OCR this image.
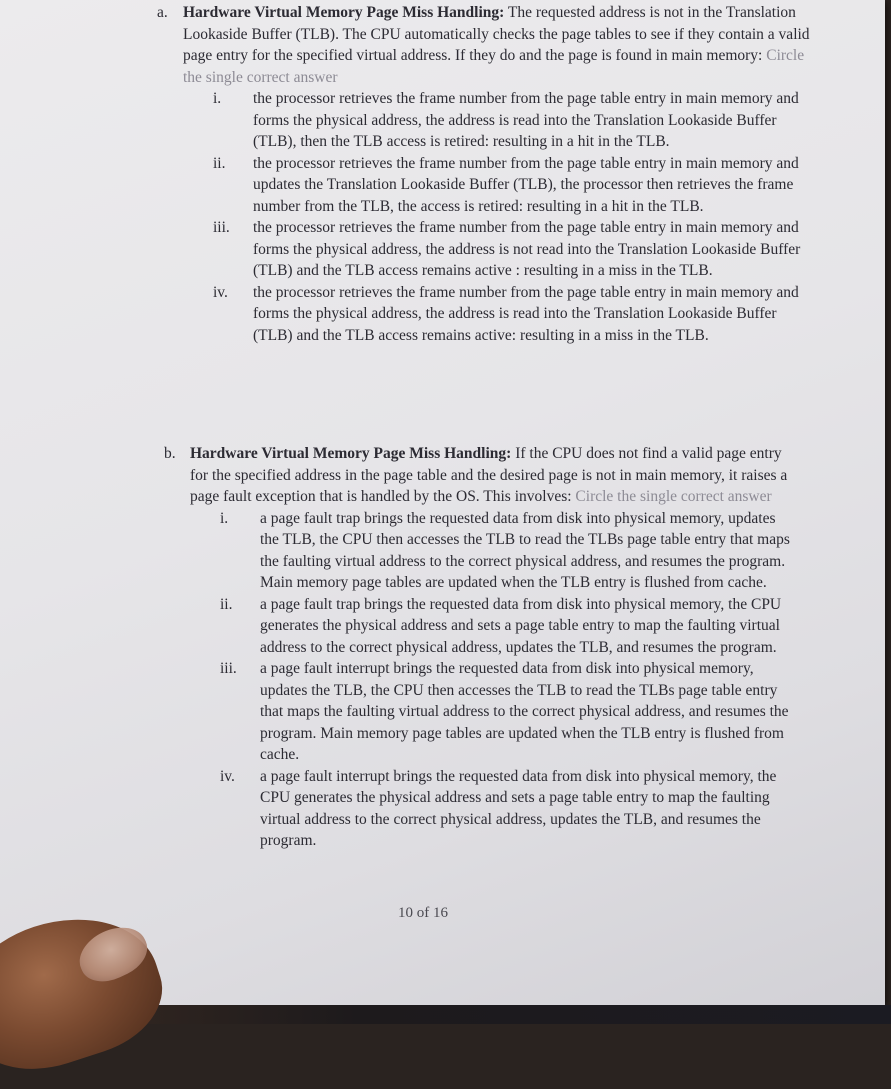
a. Hardware Virtual Memory Page Miss Handling: The requested address is not in the Translation Lookaside Buffer (TLB). The CPU automatically checks the page tables to see if they contain a valid page entry for the specified virtual address. If they do and the page is found in main memory: Circle the single correct answer
i.	the processor retrieves the frame number from the page table entry in main memory and forms the physical address, the address is read into the Translation Lookaside Buffer (TLB), then the TLB access is retired: resulting in a hit in the TLB.
ii.	the processor retrieves the frame number from the page table entry in main memory and updates the Translation Lookaside Buffer (TLB), the processor then retrieves the frame number from the TLB, the access is retired: resulting in a hit in the TLB.
iii.	the processor retrieves the frame number from the page table entry in main memory and forms the physical address, the address is not read into the Translation Lookaside Buffer (TLB) and the TLB access remains active : resulting in a miss in the TLB.
iv.	the processor retrieves the frame number from the page table entry in main memory and forms the physical address, the address is read into the Translation Lookaside Buffer (TLB) and the TLB access remains active: resulting in a miss in the TLB.
b. Hardware Virtual Memory Page Miss Handling: If the CPU does not find a valid page entry for the specified address in the page table and the desired page is not in main memory, it raises a page fault exception that is handled by the OS. This involves: Circle the single correct answer
i.	a page fault trap brings the requested data from disk into physical memory, updates the TLB, the CPU then accesses the TLB to read the TLBs page table entry that maps the faulting virtual address to the correct physical address, and resumes the program. Main memory page tables are updated when the TLB entry is flushed from cache.
ii.	a page fault trap brings the requested data from disk into physical memory, the CPU generates the physical address and sets a page table entry to map the faulting virtual address to the correct physical address, updates the TLB, and resumes the program.
iii.	a page fault interrupt brings the requested data from disk into physical memory, updates the TLB, the CPU then accesses the TLB to read the TLBs page table entry that maps the faulting virtual address to the correct physical address, and resumes the program. Main memory page tables are updated when the TLB entry is flushed from cache.
iv.	a page fault interrupt brings the requested data from disk into physical memory, the CPU generates the physical address and sets a page table entry to map the faulting virtual address to the correct physical address, updates the TLB, and resumes the program.
10 of 16
